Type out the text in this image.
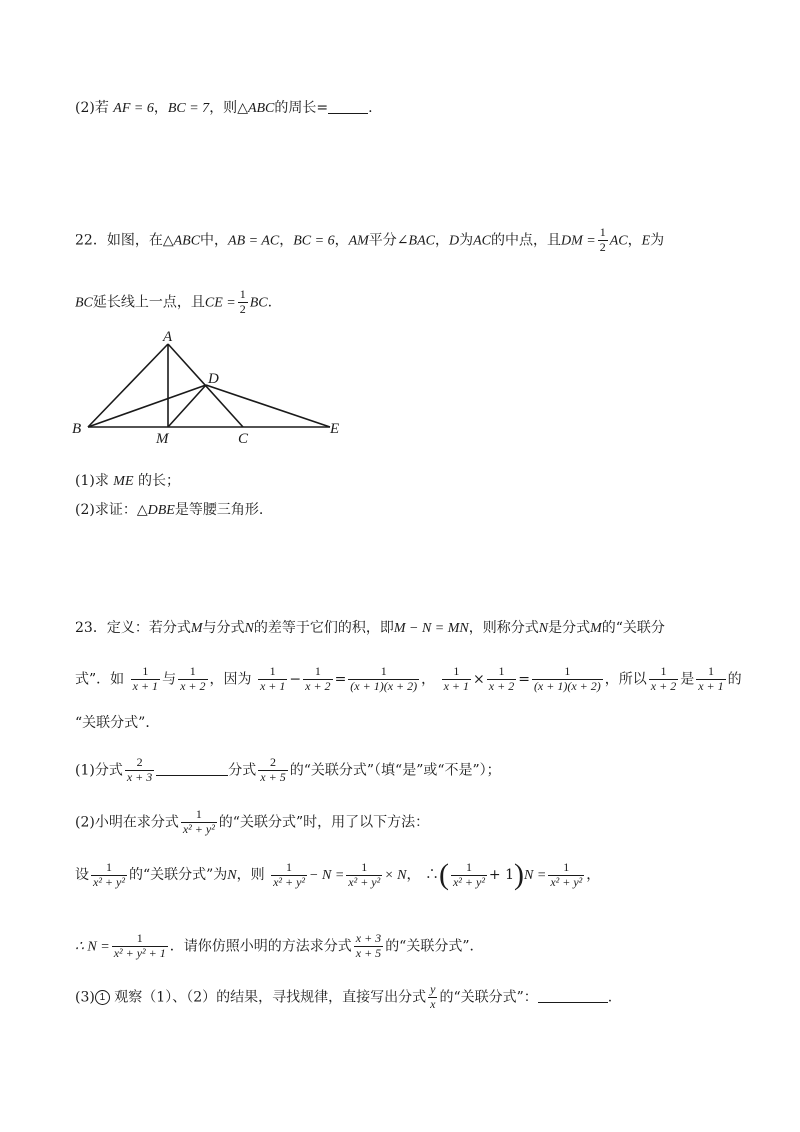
(2)若 AF = 6，BC = 7，则△ABC的周长=	.
22．如图，在△ABC中，AB = AC，BC = 6，AM平分∠BAC，D为AC的中点，且DM = $\frac{1}{2}$ AC，E为
BC延长线上一点，且CE = $\frac{1}{2}$ BC.
A
D
B
M	C
E
(1)求 ME 的长；
(2)求证：△DBE是等腰三角形.
23．定义：若分式M与分式N的差等于它们的积，即M − N = MN，则称分式N是分式M的“关联分
式”．如 $\frac{1}{x + 1}$ 与 $\frac{1}{x + 2}$ ，因为 $\frac{1}{x + 1} - \frac{1}{x + 2} = \frac{1}{(x + 1)(x + 2)}$ ， $\frac{1}{x + 1} \times \frac{1}{x + 2} = \frac{1}{(x + 1)(x + 2)}$ ，所以 $\frac{1}{x + 2}$ 是 $\frac{1}{x + 1}$ 的
“关联分式”．
(1)分式 $\frac{2}{x + 3}$	分式 $\frac{2}{x + 5}$ 的“关联分式”（填“是”或“不是”）；
(2)小明在求分式 $\frac{1}{\text{x² + y²}}$ 的“关联分式”时，用了以下方法：
设 $\frac{1}{\text{x² + y²}}$ 的“关联分式”为N，则 $\frac{1}{\text{x² + y²}} - N = \frac{1}{\text{x² + y²}} \times N$， ∴( $\frac{1}{\text{x² + y²}} + 1)N = \frac{1}{\text{x² + y²}}$ ，
∴ $N = \frac{1}{\text{x² + y² + 1}}$ ．请你仿照小明的方法求分式 $\frac{x + 3}{x + 5}$ 的“关联分式”．
(3) 1 观察（1）、（2）的结果，寻找规律，直接写出分式 $\frac{y}{x}$ 的“关联分式”：	.
